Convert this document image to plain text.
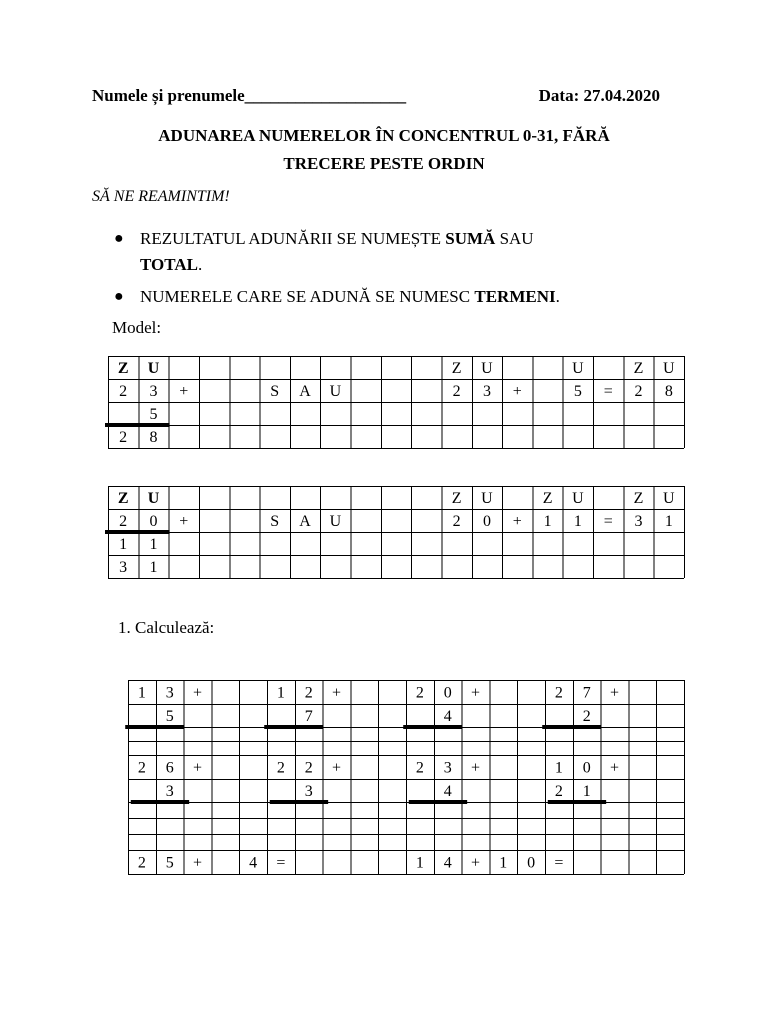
Numele și prenumele___________________	Data: 27.04.2020
ADUNAREA NUMERELOR ÎN CONCENTRUL 0-31, FĂRĂ
TRECERE PESTE ORDIN
SĂ NE REAMINTIM!
● REZULTATUL ADUNĂRII SE NUMEȘTE SUMĂ SAU
TOTAL.
● NUMERELE CARE SE ADUNĂ SE NUMESC TERMENI.
Model:
Z U	Z U	U	Z U
2 3 +	S A U	2 3 +	5 = 2 8
5
2 8
Z U	Z U	Z U	Z U
2 0 +	S A U	2 0 + 1 1 = 3 1
1 1
3 1
1. Calculează:
1 3 +	1 2 +	2 0 +	2 7 +
5	7	4	2
2 6 +	2 2 +	2 3 +	1 0 +
3	3	4	2 1
2 5 +	4 =	1 4 + 1 0 =
